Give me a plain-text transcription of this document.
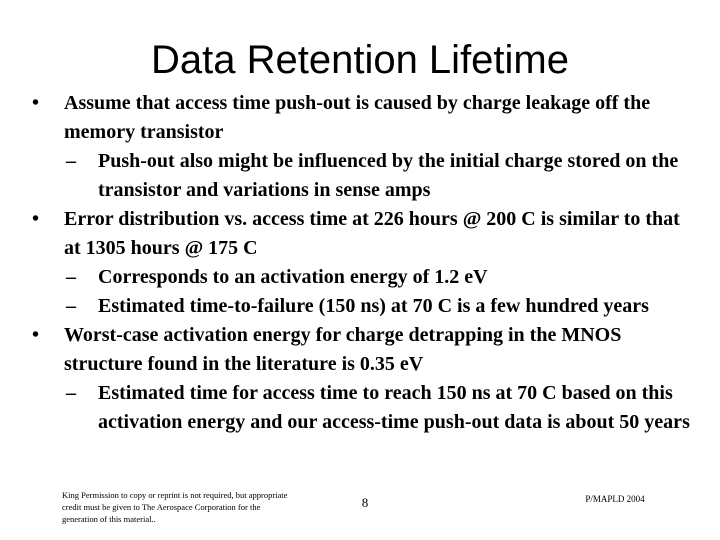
Data Retention Lifetime
• Assume that access time push-out is caused by charge leakage off the memory transistor
– Push-out also might be influenced by the initial charge stored on the transistor and variations in sense amps
• Error distribution vs. access time at 226 hours @ 200 C is similar to that at 1305 hours @ 175 C
– Corresponds to an activation energy of 1.2 eV
– Estimated time-to-failure (150 ns) at 70 C is a few hundred years
• Worst-case activation energy for charge detrapping in the MNOS structure found in the literature is 0.35 eV
– Estimated time for access time to reach 150 ns at 70 C based on this activation energy and our access-time push-out data is about 50 years
King Permission to copy or reprint is not required, but appropriate credit must be given to The Aerospace Corporation for the generation of this material..
8	P/MAPLD 2004
